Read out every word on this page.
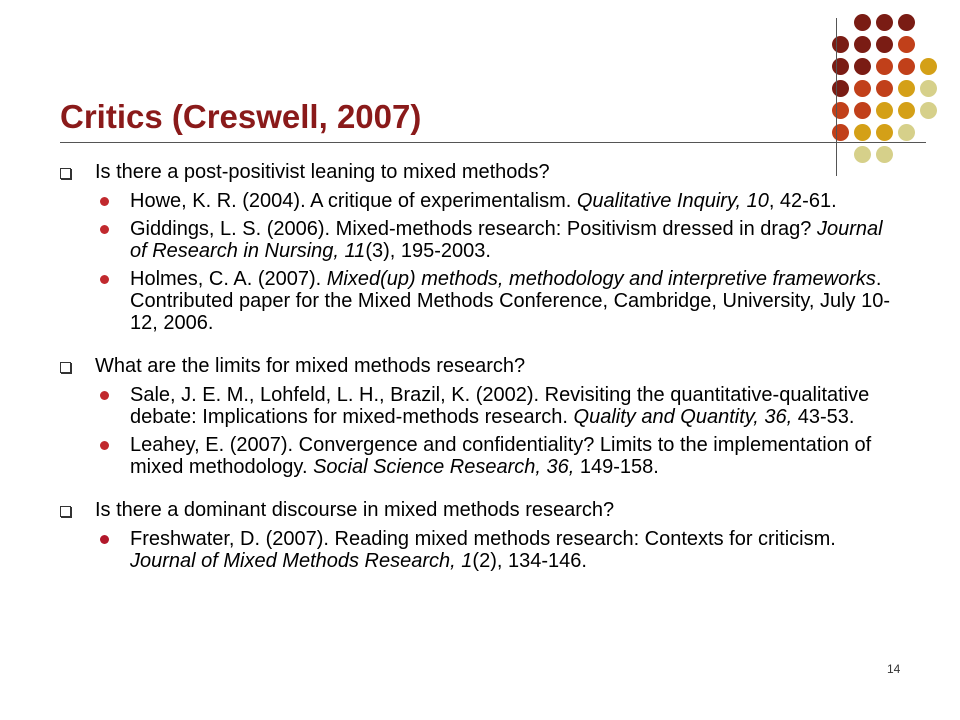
Critics (Creswell, 2007)
Is there a post-positivist leaning to mixed methods?
Howe, K. R. (2004). A critique of experimentalism. Qualitative Inquiry, 10, 42-61.
Giddings, L. S. (2006). Mixed-methods research: Positivism dressed in drag? Journal of Research in Nursing, 11(3), 195-2003.
Holmes, C. A. (2007). Mixed(up) methods, methodology and interpretive frameworks. Contributed paper for the Mixed Methods Conference, Cambridge, University, July 10-12, 2006.
What are the limits for mixed methods research?
Sale, J. E. M., Lohfeld, L. H., Brazil, K. (2002). Revisiting the quantitative-qualitative debate: Implications for mixed-methods research. Quality and Quantity, 36, 43-53.
Leahey, E. (2007). Convergence and confidentiality? Limits to the implementation of mixed methodology. Social Science Research, 36, 149-158.
Is there a dominant discourse in mixed methods research?
Freshwater, D. (2007). Reading mixed methods research: Contexts for criticism. Journal of Mixed Methods Research, 1(2), 134-146.
14
